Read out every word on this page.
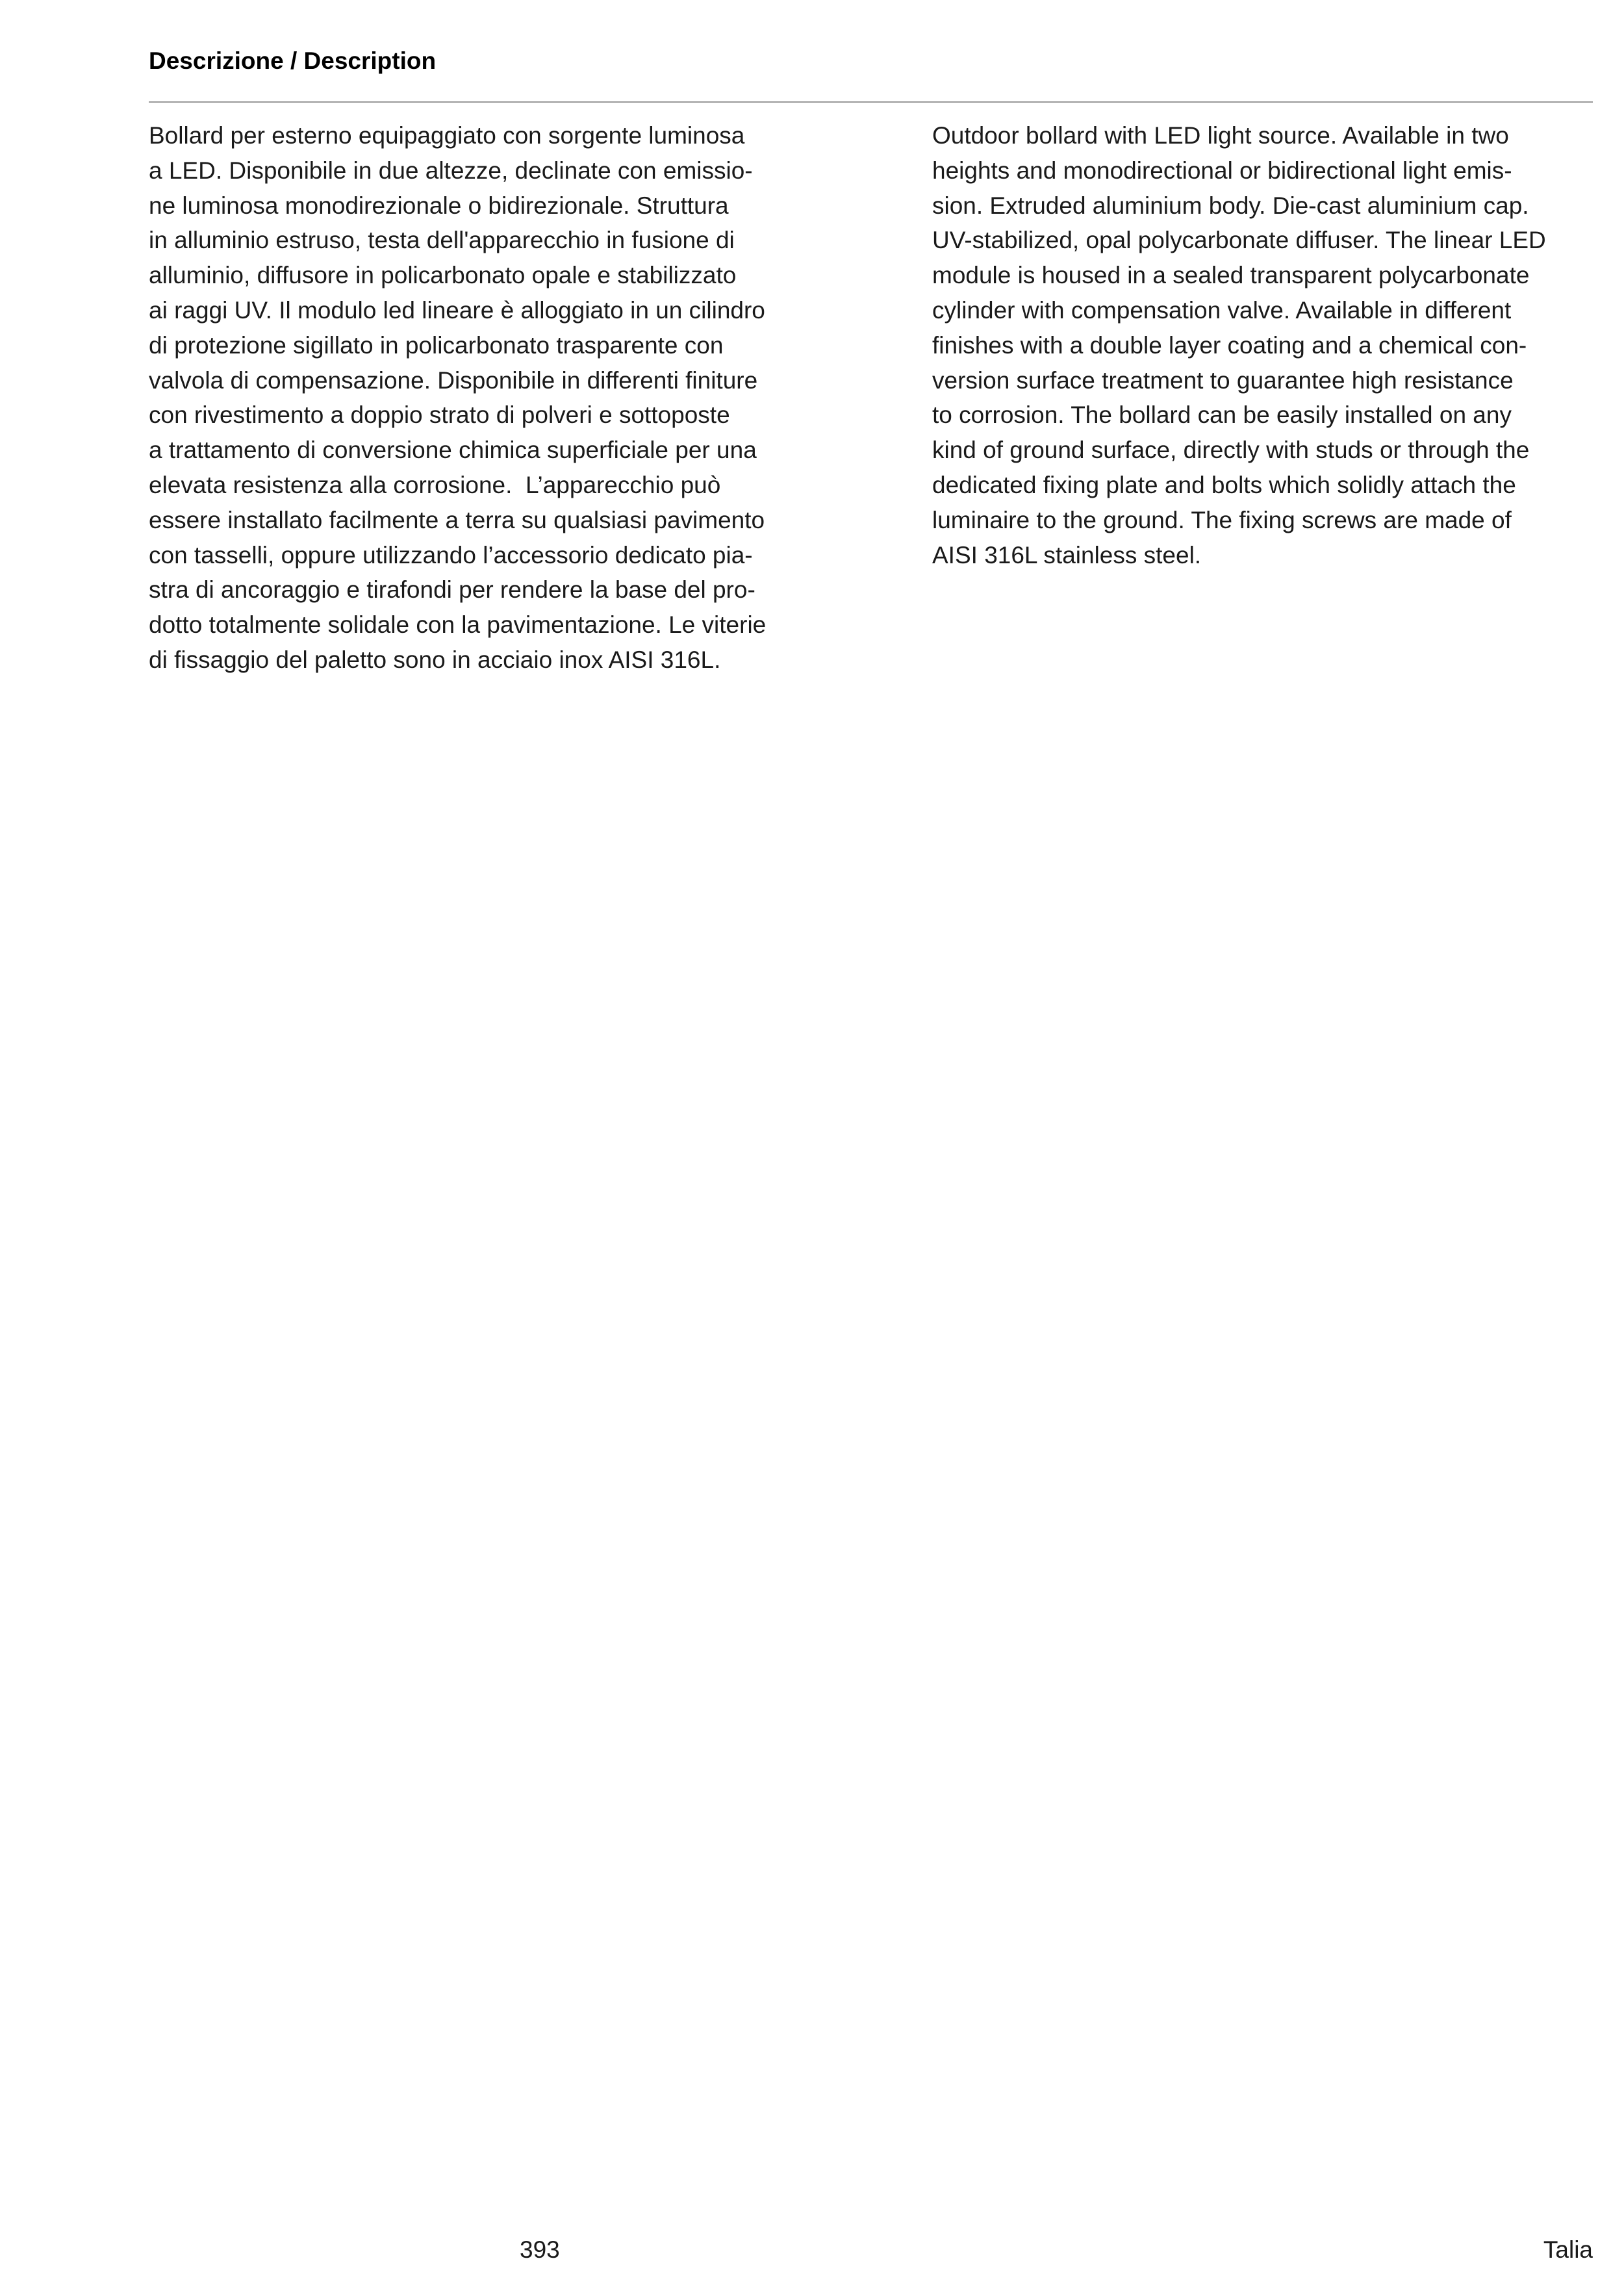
Descrizione / Description
Bollard per esterno equipaggiato con sorgente luminosa
a LED. Disponibile in due altezze, declinate con emissio-
ne luminosa monodirezionale o bidirezionale. Struttura
in alluminio estruso, testa dell'apparecchio in fusione di
alluminio, diffusore in policarbonato opale e stabilizzato
ai raggi UV. Il modulo led lineare è alloggiato in un cilindro
di protezione sigillato in policarbonato trasparente con
valvola di compensazione. Disponibile in differenti finiture
con rivestimento a doppio strato di polveri e sottoposte
a trattamento di conversione chimica superficiale per una
elevata resistenza alla corrosione.  L’apparecchio può
essere installato facilmente a terra su qualsiasi pavimento
con tasselli, oppure utilizzando l’accessorio dedicato pia-
stra di ancoraggio e tirafondi per rendere la base del pro-
dotto totalmente solidale con la pavimentazione. Le viterie
di fissaggio del paletto sono in acciaio inox AISI 316L.
Outdoor bollard with LED light source. Available in two
heights and monodirectional or bidirectional light emis-
sion. Extruded aluminium body. Die-cast aluminium cap.
UV-stabilized, opal polycarbonate diffuser. The linear LED
module is housed in a sealed transparent polycarbonate
cylinder with compensation valve. Available in different
finishes with a double layer coating and a chemical con-
version surface treatment to guarantee high resistance
to corrosion. The bollard can be easily installed on any
kind of ground surface, directly with studs or through the
dedicated fixing plate and bolts which solidly attach the
luminaire to the ground. The fixing screws are made of
AISI 316L stainless steel.
393	Talia
